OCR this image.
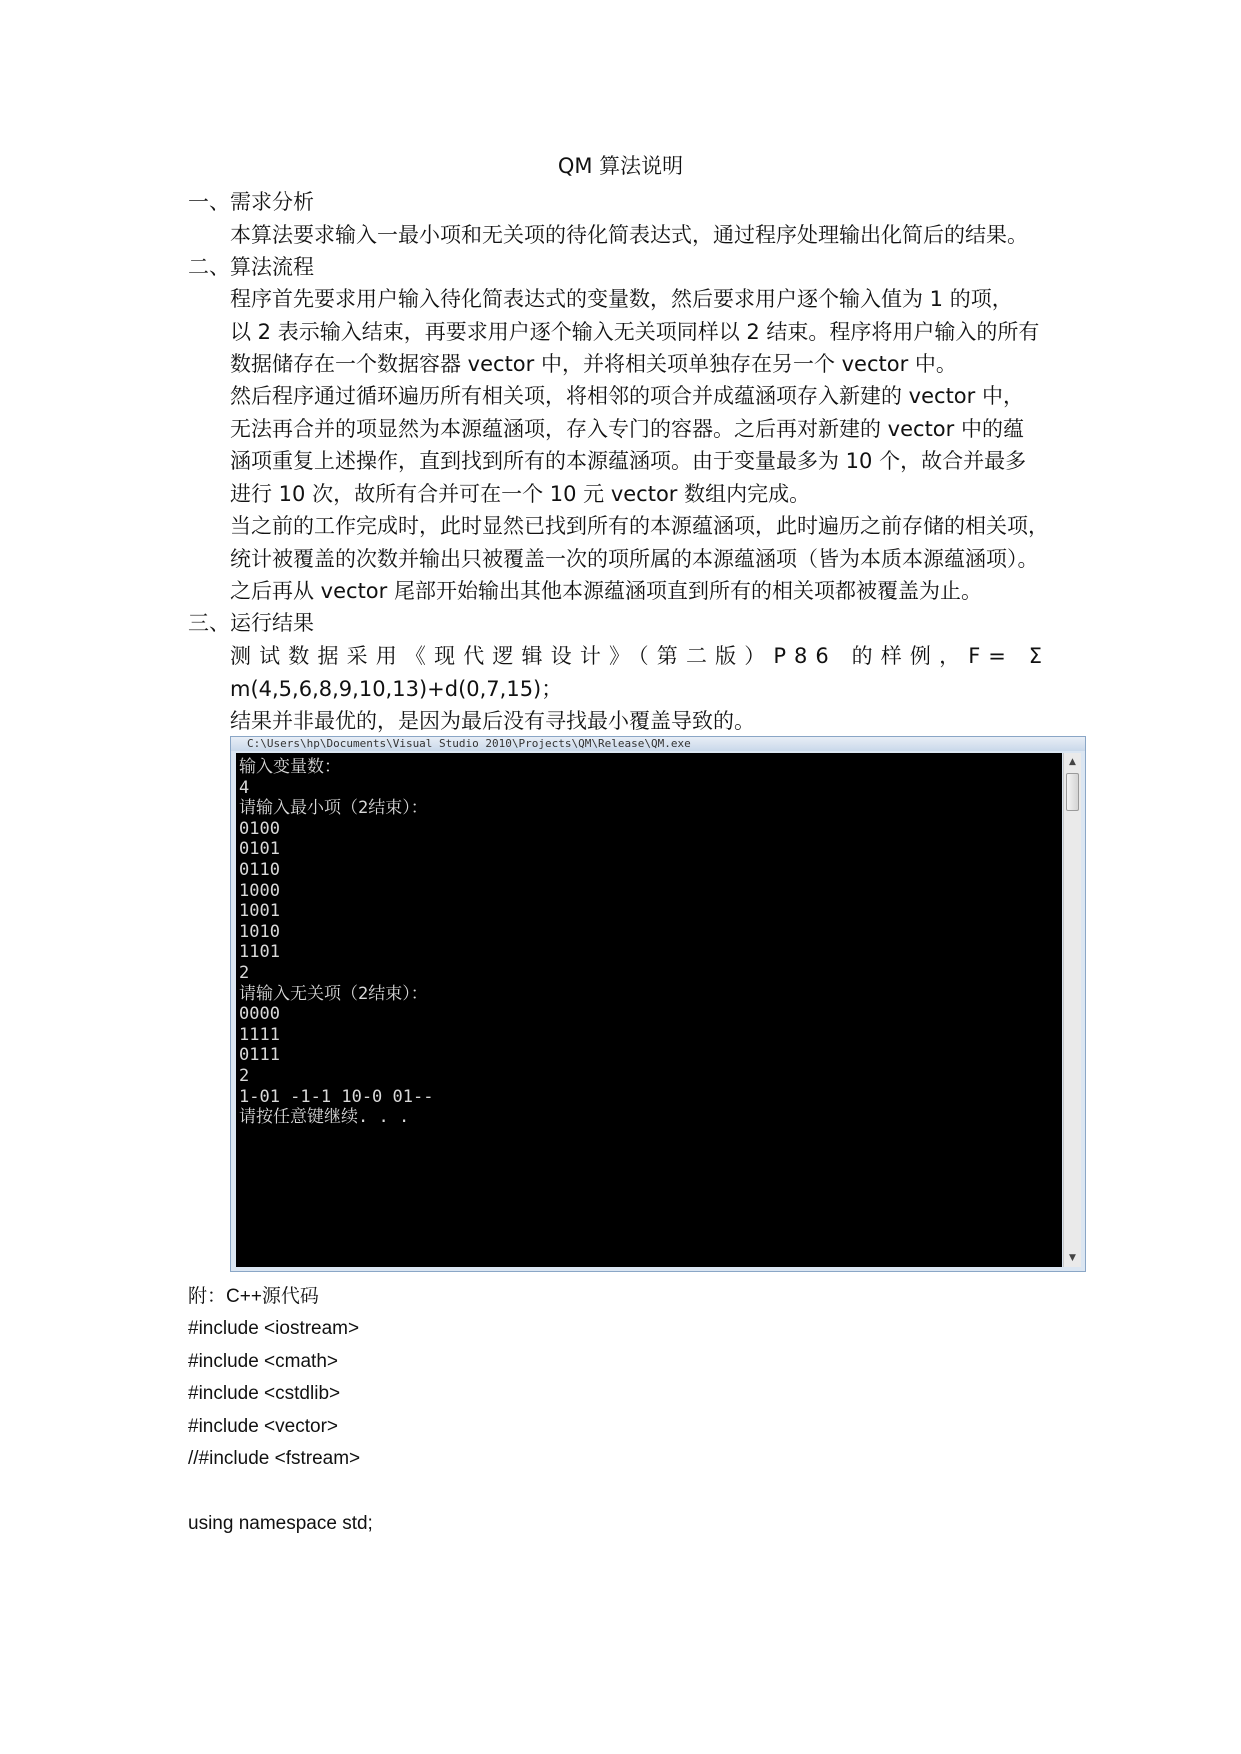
QM 算法说明
一、需求分析
本算法要求输入一最小项和无关项的待化简表达式，通过程序处理输出化简后的结果。
二、算法流程
程序首先要求用户输入待化简表达式的变量数，然后要求用户逐个输入值为 1 的项，
以 2 表示输入结束，再要求用户逐个输入无关项同样以 2 结束。程序将用户输入的所有
数据储存在一个数据容器 vector 中，并将相关项单独存在另一个 vector 中。
然后程序通过循环遍历所有相关项，将相邻的项合并成蕴涵项存入新建的 vector 中，
无法再合并的项显然为本源蕴涵项，存入专门的容器。之后再对新建的 vector 中的蕴
涵项重复上述操作，直到找到所有的本源蕴涵项。由于变量最多为 10 个，故合并最多
进行 10 次，故所有合并可在一个 10 元 vector 数组内完成。
当之前的工作完成时，此时显然已找到所有的本源蕴涵项，此时遍历之前存储的相关项，
统计被覆盖的次数并输出只被覆盖一次的项所属的本源蕴涵项（皆为本质本源蕴涵项）。
之后再从 vector 尾部开始输出其他本源蕴涵项直到所有的相关项都被覆盖为止。
三、运行结果
测试数据采用《现代逻辑设计》（第二版）P86 的样例，F= Σ
m(4,5,6,8,9,10,13)+d(0,7,15)；
结果并非最优的，是因为最后没有寻找最小覆盖导致的。
C:\Users\hp\Documents\Visual Studio 2010\Projects\QM\Release\QM.exe
输入变量数：
4
请输入最小项（2结束）：
0100
0101
0110
1000
1001
1010
1101
2
请输入无关项（2结束）：
0000
1111
0111
2
1-01 -1-1 10-0 01--
请按任意键继续. . .
▲
▼
附：C++源代码
#include <iostream>
#include <cmath>
#include <cstdlib>
#include <vector>
//#include <fstream>
using namespace std;
